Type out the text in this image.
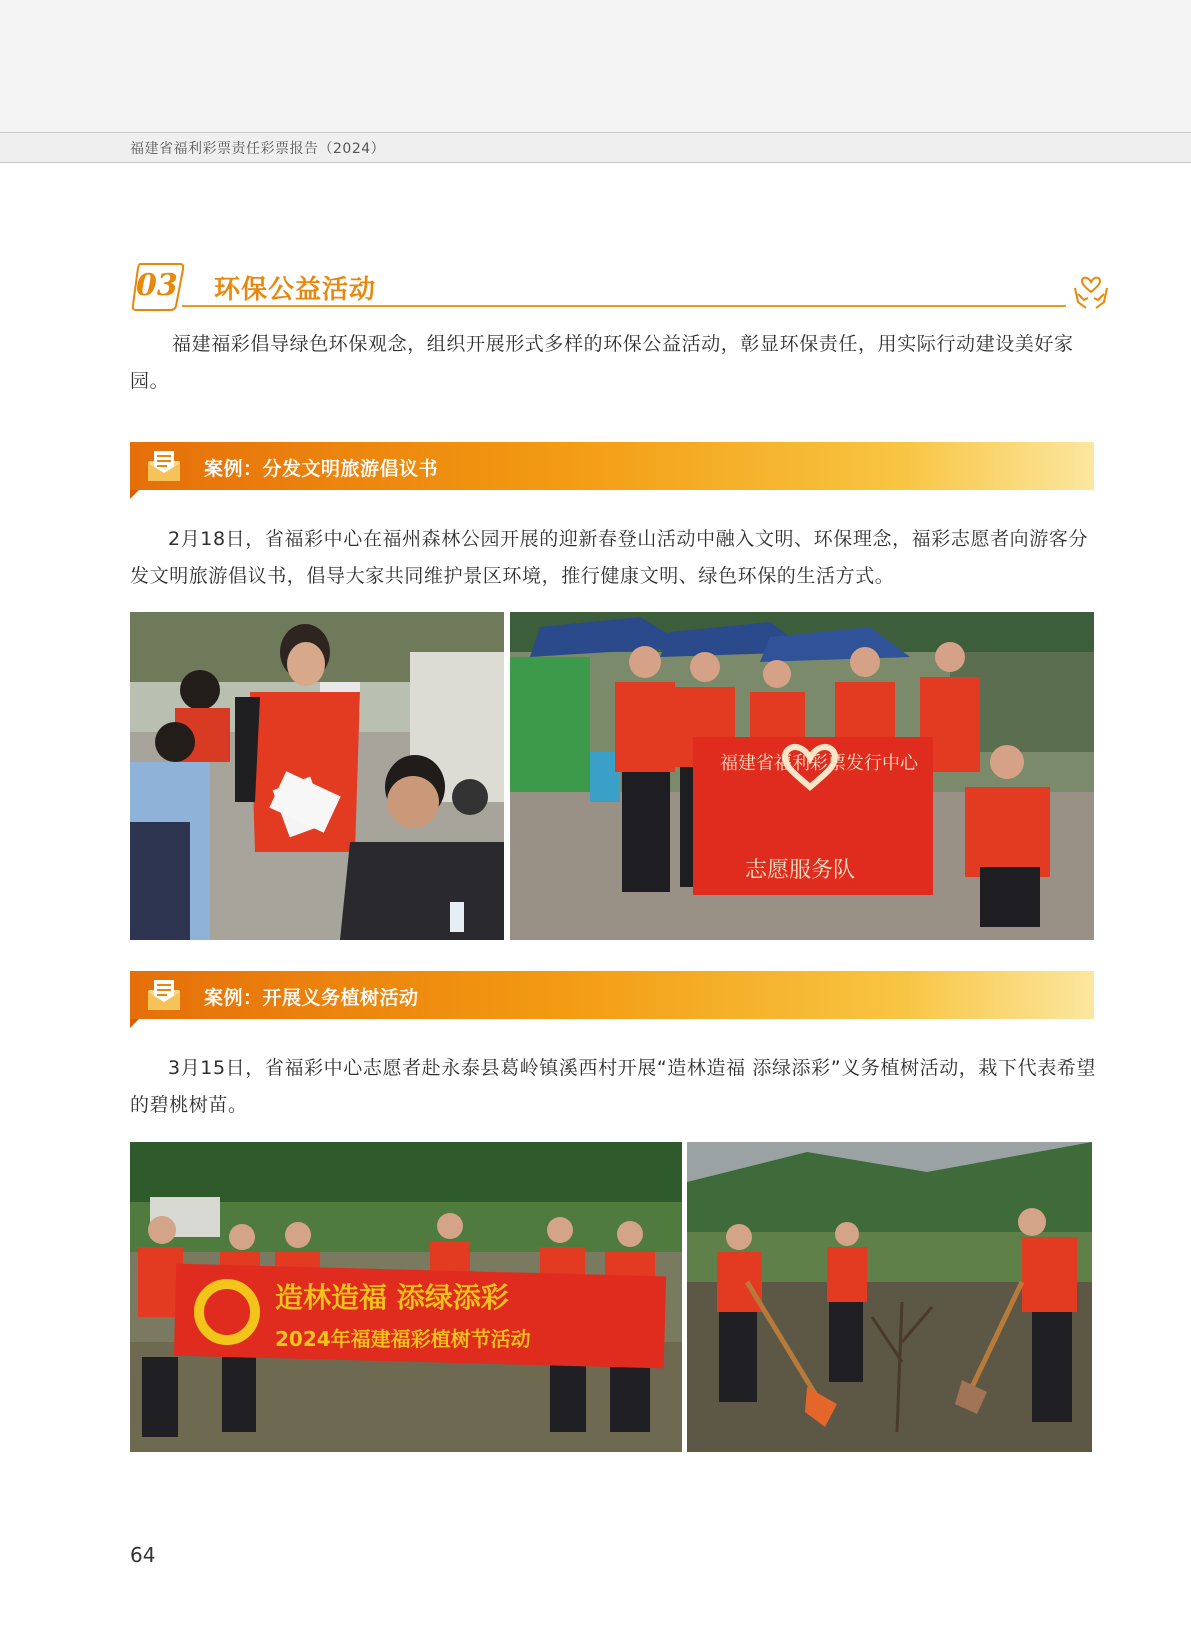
福建省福利彩票责任彩票报告（2024）
03 环保公益活动

福建福彩倡导绿色环保观念，组织开展形式多样的环保公益活动，彰显环保责任，用实际行动建设美好家园。

案例：分发文明旅游倡议书

2月18日，省福彩中心在福州森林公园开展的迎新春登山活动中融入文明、环保理念，福彩志愿者向游客分发文明旅游倡议书，倡导大家共同维护景区环境，推行健康文明、绿色环保的生活方式。

福建省福利彩票发行中心
志愿服务队
案例：开展义务植树活动

3月15日，省福彩中心志愿者赴永泰县葛岭镇溪西村开展“造林造福 添绿添彩”义务植树活动，栽下代表希望的碧桃树苗。

造林造福 添绿添彩
2024年福建福彩植树节活动
64
